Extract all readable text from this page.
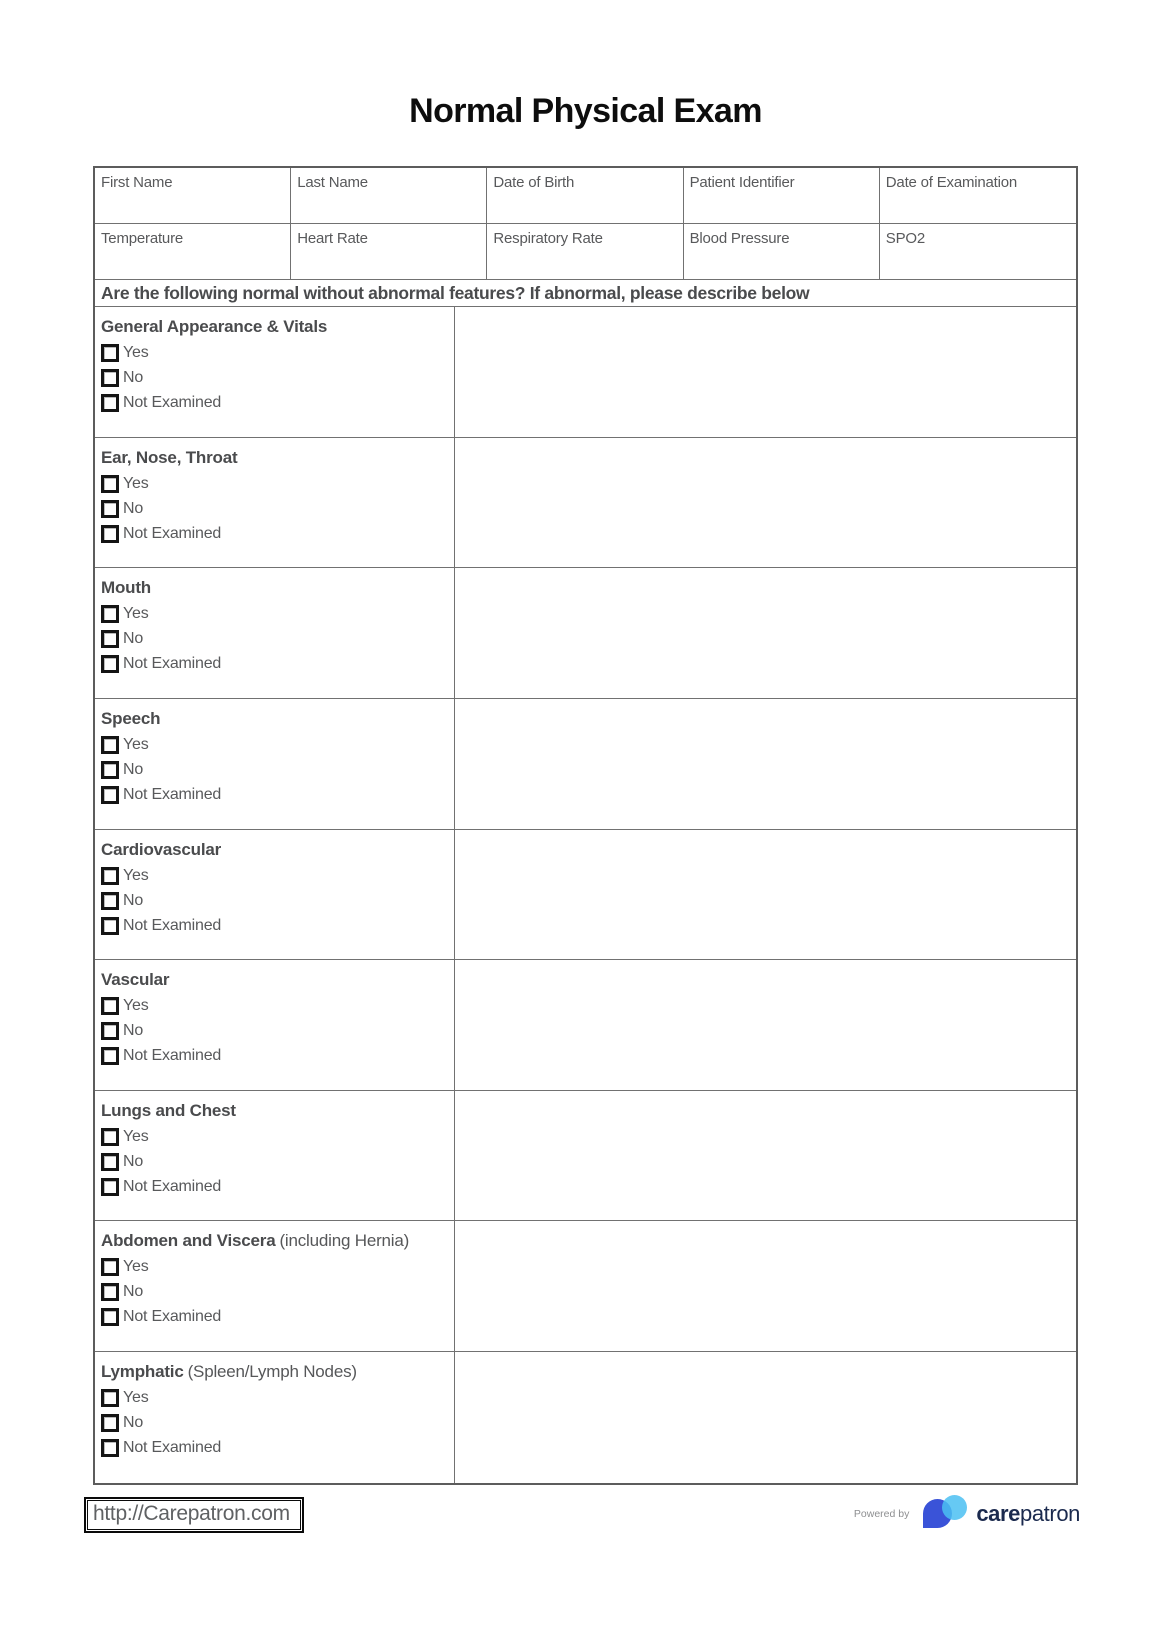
Normal Physical Exam
First Name	Last Name	Date of Birth	Patient Identifier	Date of Examination
Temperature	Heart Rate	Respiratory Rate	Blood Pressure	SPO2
Are the following normal without abnormal features? If abnormal, please describe below
General Appearance & Vitals
Yes
No
Not Examined
Ear, Nose, Throat
Yes
No
Not Examined
Mouth
Yes
No
Not Examined
Speech
Yes
No
Not Examined
Cardiovascular
Yes
No
Not Examined
Vascular
Yes
No
Not Examined
Lungs and Chest
Yes
No
Not Examined
Abdomen and Viscera (including Hernia)
Yes
No
Not Examined
Lymphatic (Spleen/Lymph Nodes)
Yes
No
Not Examined
http://Carepatron.com	Powered by	carepatron
